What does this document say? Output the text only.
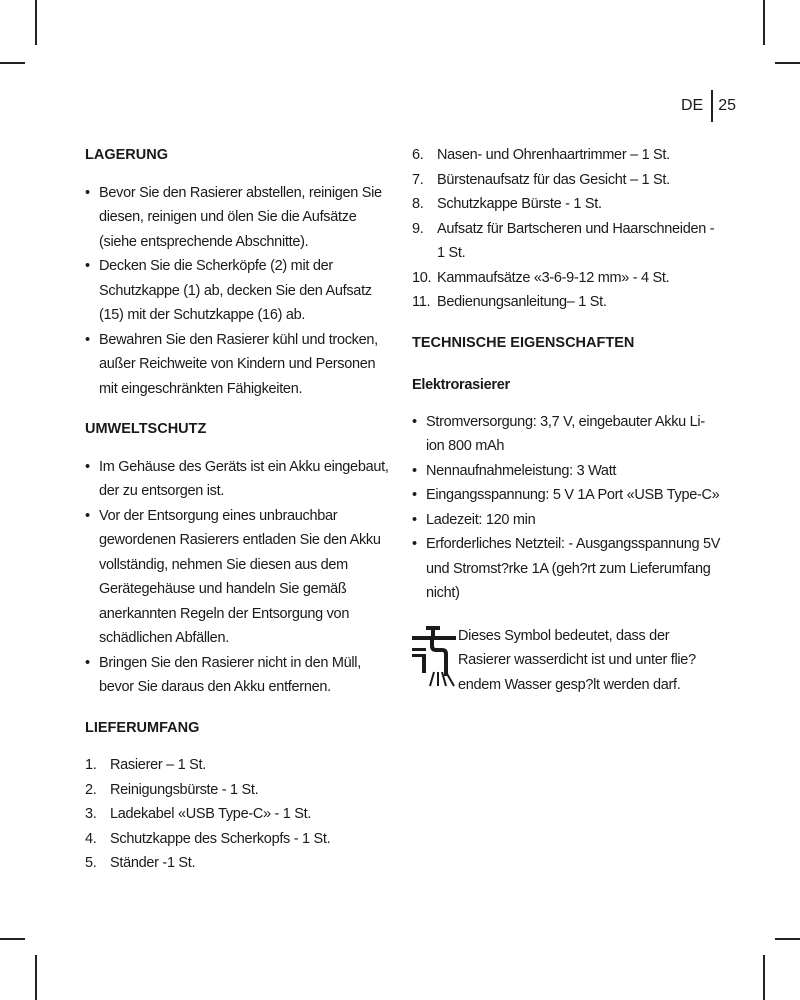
DE 25
LAGERUNG
• Bevor Sie den Rasierer abstellen, reinigen Sie diesen, reinigen und ölen Sie die Aufsätze (siehe entsprechende Abschnitte).
• Decken Sie die Scherköpfe (2) mit der Schutzkappe (1) ab, decken Sie den Aufsatz (15) mit der Schutzkappe (16) ab.
• Bewahren Sie den Rasierer kühl und trocken, außer Reichweite von Kindern und Personen mit eingeschränkten Fähigkeiten.
UMWELTSCHUTZ
• Im Gehäuse des Geräts ist ein Akku eingebaut, der zu entsorgen ist.
• Vor der Entsorgung eines unbrauchbar gewordenen Rasierers entladen Sie den Akku vollständig, nehmen Sie diesen aus dem Gerätegehäuse und handeln Sie gemäß anerkannten Regeln der Entsorgung von schädlichen Abfällen.
• Bringen Sie den Rasierer nicht in den Müll, bevor Sie daraus den Akku entfernen.
LIEFERUMFANG
1. Rasierer – 1 St.
2. Reinigungsbürste - 1 St.
3. Ladekabel «USB Type-C» - 1 St.
4. Schutzkappe des Scherkopfs - 1 St.
5. Ständer -1 St.
6. Nasen- und Ohrenhaartrimmer – 1 St.
7. Bürstenaufsatz für das Gesicht – 1 St.
8. Schutzkappe Bürste - 1 St.
9. Aufsatz für Bartscheren und Haarschneiden - 1 St.
10. Kammaufsätze «3-6-9-12 mm» - 4 St.
11. Bedienungsanleitung– 1 St.
TECHNISCHE EIGENSCHAFTEN
Elektrorasierer
• Stromversorgung: 3,7 V, eingebauter Akku Li-ion 800 mAh
• Nennaufnahmeleistung: 3 Watt
• Eingangsspannung: 5 V 1A Port «USB Type-C»
• Ladezeit: 120 min
• Erforderliches Netzteil: - Ausgangsspannung 5V und Stromst?rke 1A (geh?rt zum Lieferumfang nicht)

Dieses Symbol bedeutet, dass der Rasierer wasserdicht ist und unter flie?endem Wasser gesp?lt werden darf.
